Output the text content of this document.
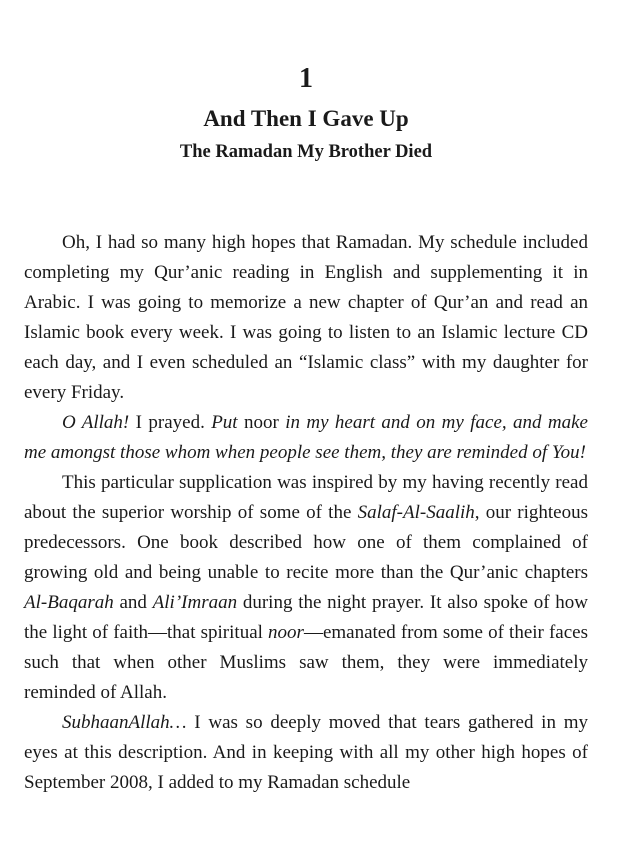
1
And Then I Gave Up
The Ramadan My Brother Died

Oh, I had so many high hopes that Ramadan. My schedule included completing my Qur’anic reading in English and supplementing it in Arabic. I was going to memorize a new chapter of Qur’an and read an Islamic book every week. I was going to listen to an Islamic lecture CD each day, and I even scheduled an “Islamic class” with my daughter for every Friday.

O Allah! I prayed. Put noor in my heart and on my face, and make me amongst those whom when people see them, they are reminded of You!

This particular supplication was inspired by my having recently read about the superior worship of some of the Salaf-Al-Saalih, our righteous predecessors. One book described how one of them complained of growing old and being unable to recite more than the Qur’anic chapters Al-Baqarah and Ali’Imraan during the night prayer. It also spoke of how the light of faith—that spiritual noor—emanated from some of their faces such that when other Muslims saw them, they were immediately reminded of Allah.

SubhaanAllah… I was so deeply moved that tears gathered in my eyes at this description. And in keeping with all my other high hopes of September 2008, I added to my Ramadan schedule
